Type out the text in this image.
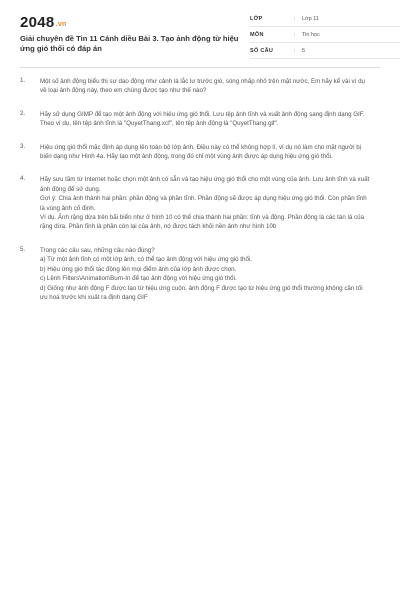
2048.vn
Giải chuyên đề Tin 11 Cánh diều Bài 3. Tạo ảnh động từ hiệu ứng gió thổi có đáp án
LỚP	: Lớp 11
MÔN	: Tin học
SỐ CÂU	: 5
1. Một số ảnh động biểu thị sự dao động như cảnh lá lắc lư trước gió, sóng nhấp nhô trên mặt nước. Em hãy kể vài ví dụ về loại ảnh động này, theo em chúng được tạo như thế nào?

2. Hãy sử dụng GIMP để tạo một ảnh động với hiệu ứng gió thổi. Lưu tệp ảnh tĩnh và xuất ảnh động sang định dạng GIF. Theo ví dụ, tên tệp ảnh tĩnh là "QuyetThang.xcf", tên tệp ảnh động là "QuyetThang.gif".

3. Hiệu ứng gió thổi mặc định áp dụng lên toàn bộ lớp ảnh. Điều này có thể không hợp lí, ví dụ nó làm cho mặt người bị biến dạng như Hình 4a. Hãy tạo một ảnh động, trong đó chỉ một vùng ảnh được áp dụng hiệu ứng gió thổi.

4. Hãy sưu tầm từ Internet hoặc chọn một ảnh có sẵn và tạo hiệu ứng gió thổi cho một vùng của ảnh. Lưu ảnh tĩnh và xuất ảnh động để sử dụng.

Gợi ý: Chia ảnh thành hai phần: phần động và phần tĩnh. Phần động sẽ được áp dụng hiệu ứng gió thổi. Còn phần tĩnh là vùng ảnh cố định.

Ví dụ. Ảnh rặng dừa trên bãi biển như ở hình 10 có thể chia thành hai phần: tĩnh và động. Phần động là các tán lá của rặng dừa. Phần tĩnh là phần còn lại của ảnh, nó được tách khỏi nền ảnh như hình 10b

5. Trong các câu sau, những câu nào đúng?

a) Từ một ảnh tĩnh có một lớp ảnh, có thể tạo ảnh động với hiệu ứng gió thổi.

b) Hiệu ứng gió thổi tác động lên mọi điểm ảnh của lớp ảnh được chọn.

c) Lệnh Filters\Animation\Burn-In để tạo ảnh động với hiệu ứng gió thổi.

d) Giống như ảnh động F được tạo từ hiệu ứng cuộn, ảnh động F được tạo từ hiệu ứng gió thổi thường không cần tối ưu hoá trước khi xuất ra định dạng GIF
